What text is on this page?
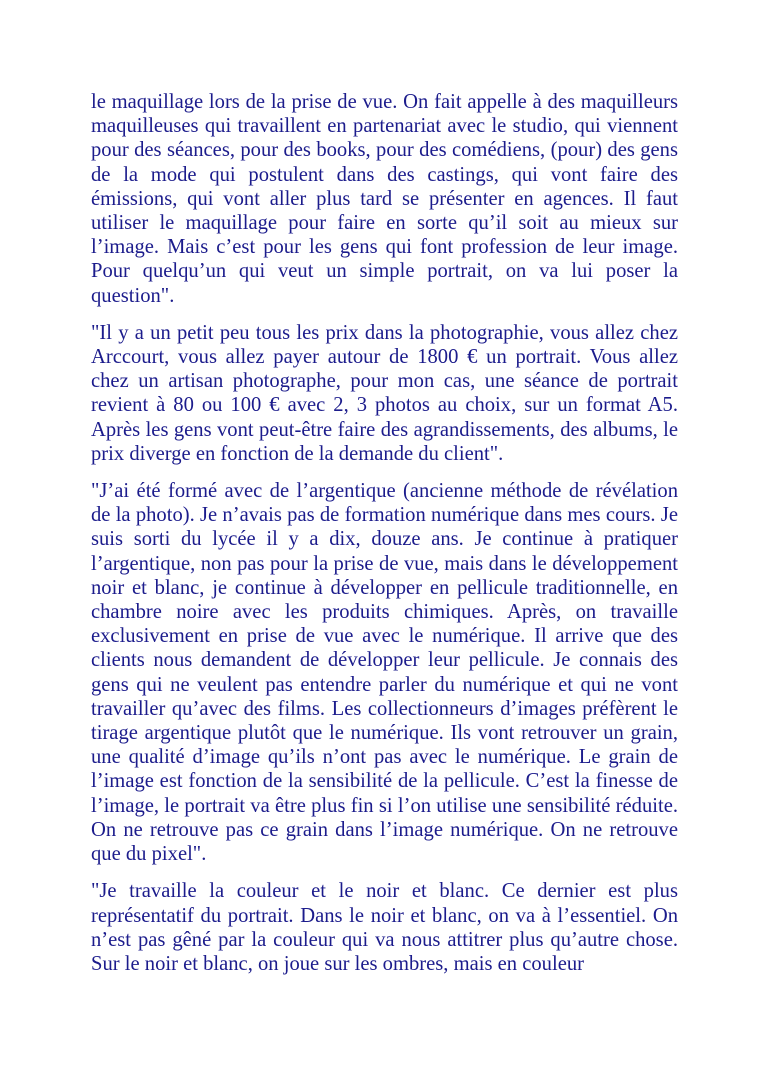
le maquillage lors de la prise de vue. On fait appelle à des maquilleurs maquilleuses qui travaillent en partenariat avec le studio, qui viennent pour des séances, pour des books, pour des comédiens, (pour) des gens de la mode qui postulent dans des castings, qui vont faire des émissions, qui vont aller plus tard se présenter en agences. Il faut utiliser le maquillage pour faire en sorte qu’il soit au mieux sur l’image. Mais c’est pour les gens qui font profession de leur image. Pour quelqu’un qui veut un simple portrait, on va lui poser la question".

"Il y a un petit peu tous les prix dans la photographie, vous allez chez Arccourt, vous allez payer autour de 1800 € un portrait. Vous allez chez un artisan photographe, pour mon cas, une séance de portrait revient à 80 ou 100 € avec 2, 3 photos au choix, sur un format A5. Après les gens vont peut-être faire des agrandissements, des albums, le prix diverge en fonction de la demande du client".

"J’ai été formé avec de l’argentique (ancienne méthode de révélation de la photo). Je n’avais pas de formation numérique dans mes cours. Je suis sorti du lycée il y a dix, douze ans. Je continue à pratiquer l’argentique, non pas pour la prise de vue, mais dans le développement noir et blanc, je continue à développer en pellicule traditionnelle, en chambre noire avec les produits chimiques. Après, on travaille exclusivement en prise de vue avec le numérique. Il arrive que des clients nous demandent de développer leur pellicule. Je connais des gens qui ne veulent pas entendre parler du numérique et qui ne vont travailler qu’avec des films. Les collectionneurs d’images préfèrent le tirage argentique plutôt que le numérique. Ils vont retrouver un grain, une qualité d’image qu’ils n’ont pas avec le numérique. Le grain de l’image est fonction de la sensibilité de la pellicule. C’est la finesse de l’image, le portrait va être plus fin si l’on utilise une sensibilité réduite. On ne retrouve pas ce grain dans l’image numérique. On ne retrouve que du pixel".

"Je travaille la couleur et le noir et blanc. Ce dernier est plus représentatif du portrait. Dans le noir et blanc, on va à l’essentiel. On n’est pas gêné par la couleur qui va nous attitrer plus qu’autre chose. Sur le noir et blanc, on joue sur les ombres, mais en couleur
